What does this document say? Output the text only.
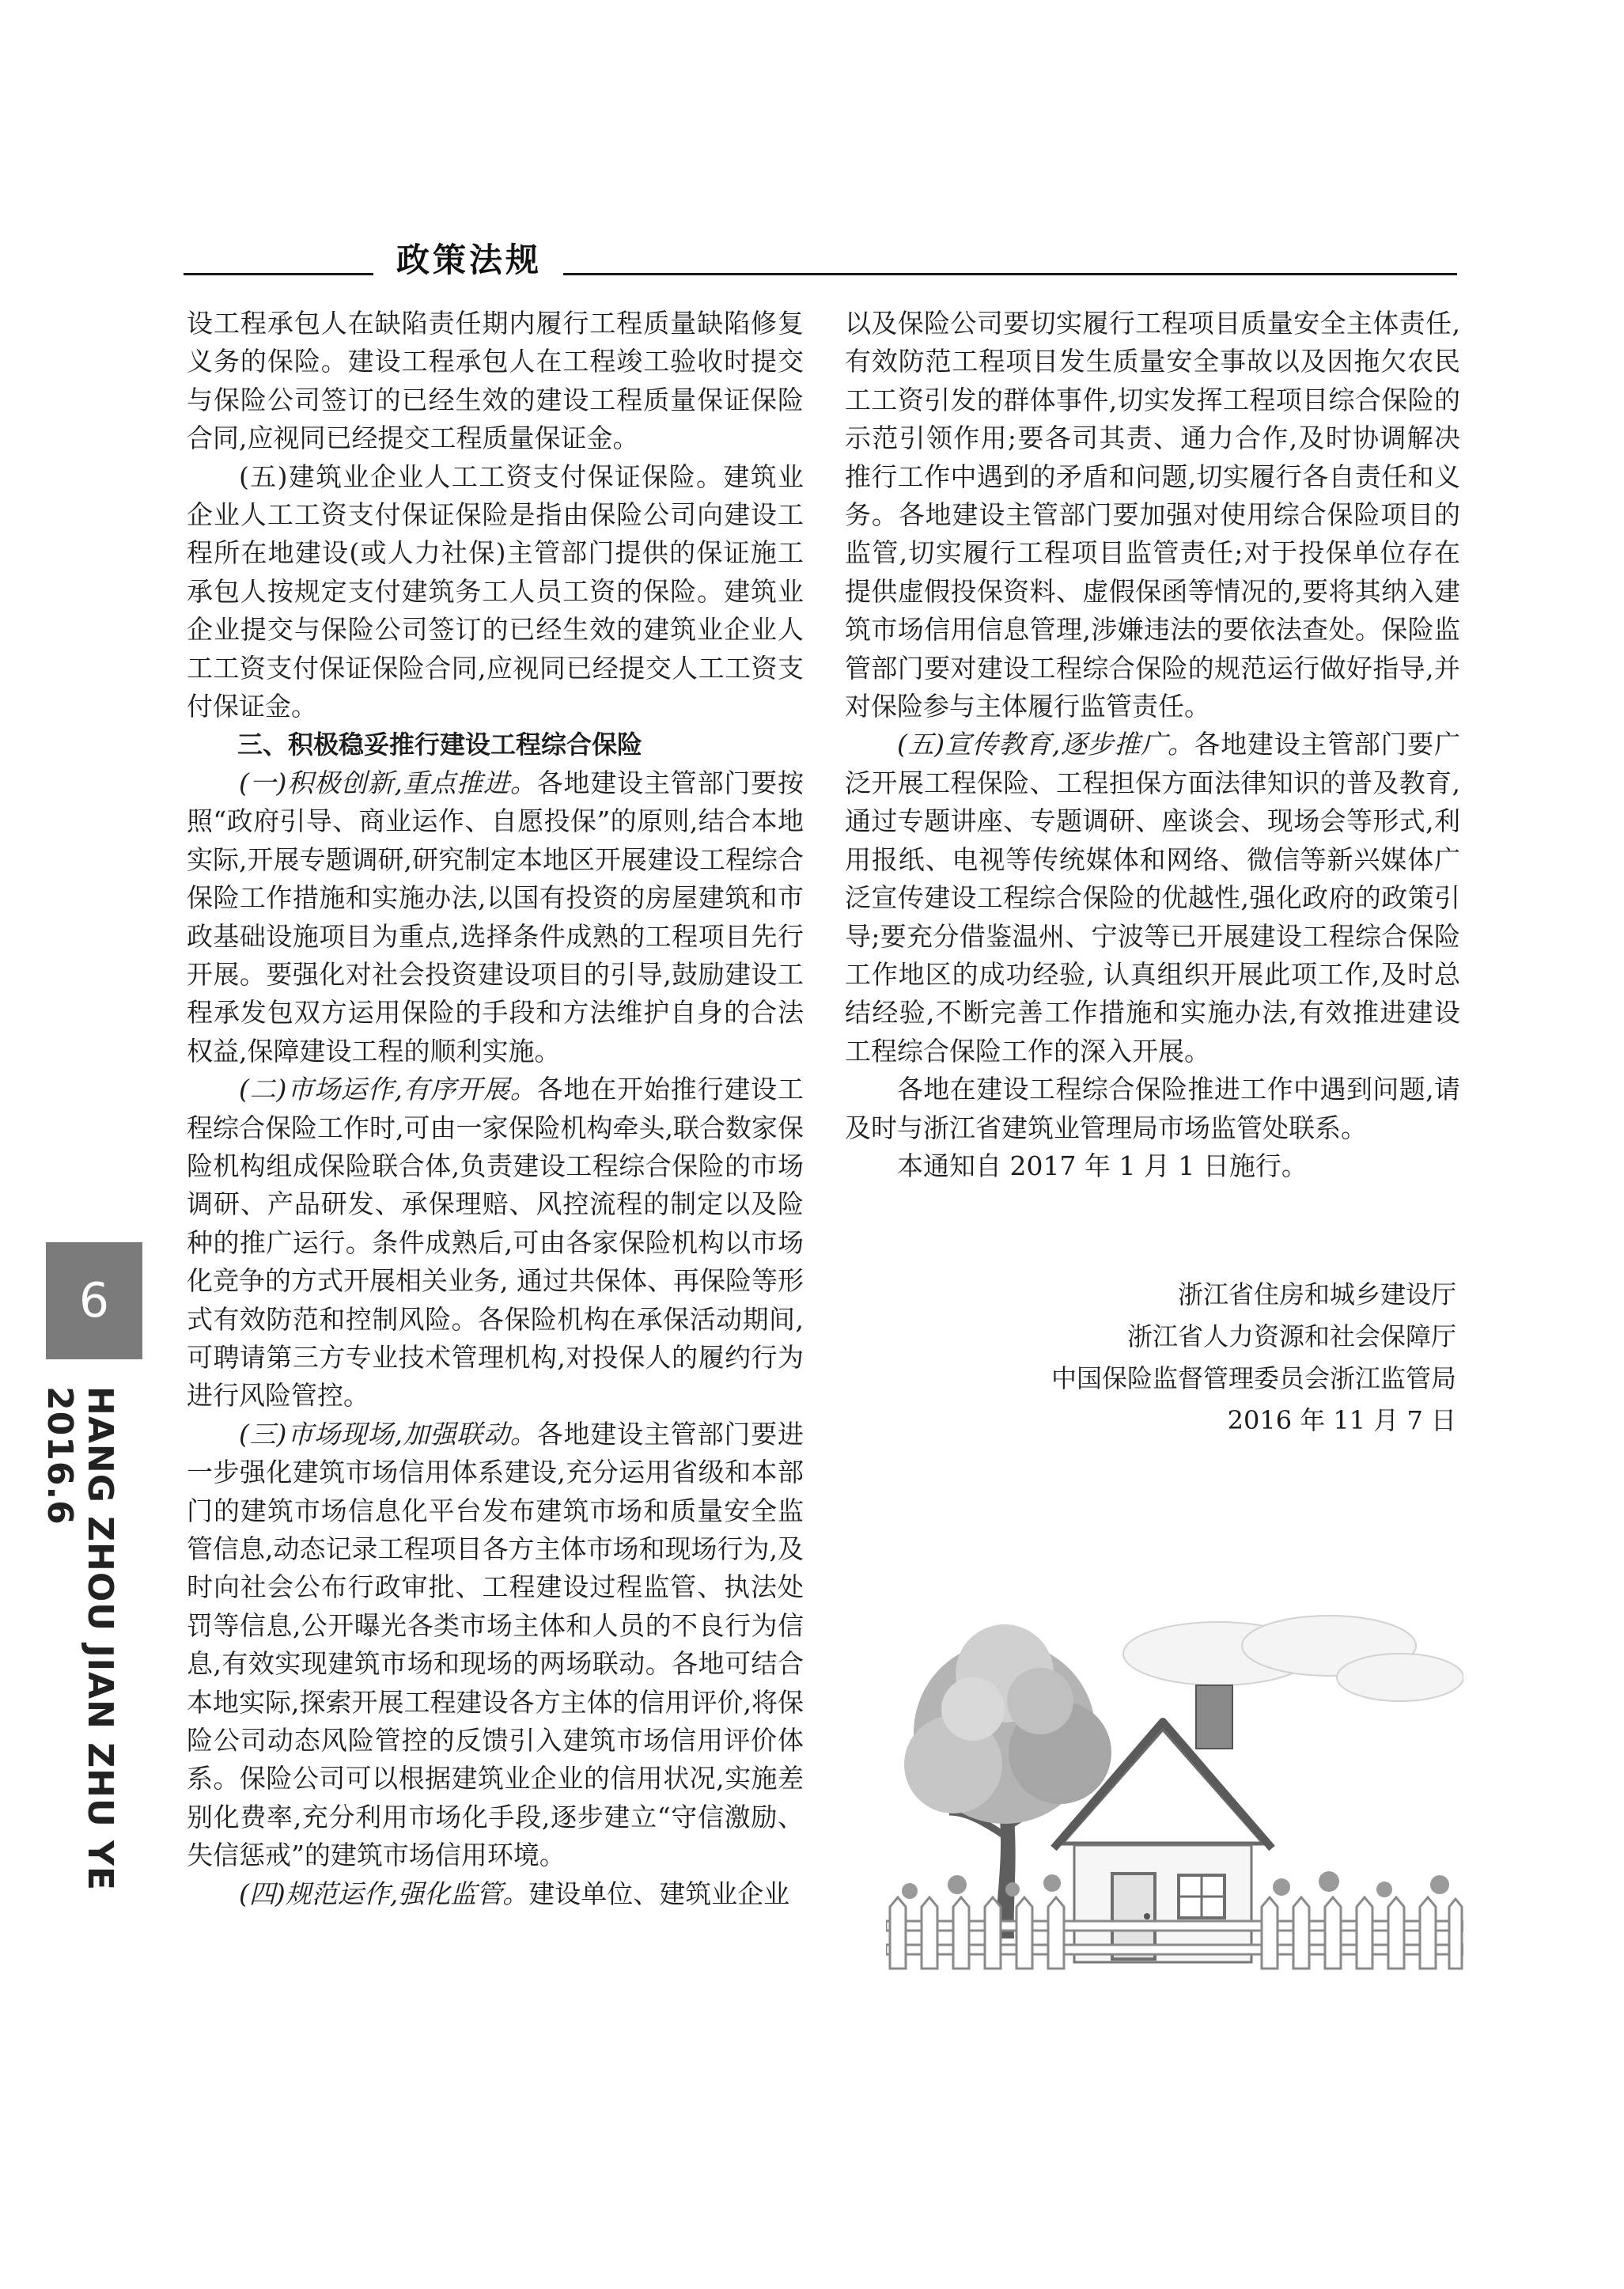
政策法规

设工程承包人在缺陷责任期内履行工程质量缺陷修复义务的保险。建设工程承包人在工程竣工验收时提交与保险公司签订的已经生效的建设工程质量保证保险合同,应视同已经提交工程质量保证金。

(五)建筑业企业人工工资支付保证保险。建筑业企业人工工资支付保证保险是指由保险公司向建设工程所在地建设(或人力社保)主管部门提供的保证施工承包人按规定支付建筑务工人员工资的保险。建筑业企业提交与保险公司签订的已经生效的建筑业企业人工工资支付保证保险合同,应视同已经提交人工工资支付保证金。

三、积极稳妥推行建设工程综合保险

(一)积极创新,重点推进。各地建设主管部门要按照“政府引导、商业运作、自愿投保”的原则,结合本地实际,开展专题调研,研究制定本地区开展建设工程综合保险工作措施和实施办法,以国有投资的房屋建筑和市政基础设施项目为重点,选择条件成熟的工程项目先行开展。要强化对社会投资建设项目的引导,鼓励建设工程承发包双方运用保险的手段和方法维护自身的合法权益,保障建设工程的顺利实施。

(二)市场运作,有序开展。各地在开始推行建设工程综合保险工作时,可由一家保险机构牵头,联合数家保险机构组成保险联合体,负责建设工程综合保险的市场调研、产品研发、承保理赔、风控流程的制定以及险种的推广运行。条件成熟后,可由各家保险机构以市场化竞争的方式开展相关业务, 通过共保体、再保险等形式有效防范和控制风险。各保险机构在承保活动期间,可聘请第三方专业技术管理机构,对投保人的履约行为进行风险管控。

(三)市场现场,加强联动。各地建设主管部门要进一步强化建筑市场信用体系建设,充分运用省级和本部门的建筑市场信息化平台发布建筑市场和质量安全监管信息,动态记录工程项目各方主体市场和现场行为,及时向社会公布行政审批、工程建设过程监管、执法处罚等信息,公开曝光各类市场主体和人员的不良行为信息,有效实现建筑市场和现场的两场联动。各地可结合本地实际,探索开展工程建设各方主体的信用评价,将保险公司动态风险管控的反馈引入建筑市场信用评价体系。保险公司可以根据建筑业企业的信用状况,实施差别化费率,充分利用市场化手段,逐步建立“守信激励、失信惩戒”的建筑市场信用环境。

(四)规范运作,强化监管。建设单位、建筑业企业

以及保险公司要切实履行工程项目质量安全主体责任,有效防范工程项目发生质量安全事故以及因拖欠农民工工资引发的群体事件,切实发挥工程项目综合保险的示范引领作用;要各司其责、通力合作,及时协调解决推行工作中遇到的矛盾和问题,切实履行各自责任和义务。各地建设主管部门要加强对使用综合保险项目的监管,切实履行工程项目监管责任;对于投保单位存在提供虚假投保资料、虚假保函等情况的,要将其纳入建筑市场信用信息管理,涉嫌违法的要依法查处。保险监管部门要对建设工程综合保险的规范运行做好指导,并对保险参与主体履行监管责任。

(五)宣传教育,逐步推广。各地建设主管部门要广泛开展工程保险、工程担保方面法律知识的普及教育,通过专题讲座、专题调研、座谈会、现场会等形式,利用报纸、电视等传统媒体和网络、微信等新兴媒体广泛宣传建设工程综合保险的优越性,强化政府的政策引导;要充分借鉴温州、宁波等已开展建设工程综合保险工作地区的成功经验, 认真组织开展此项工作,及时总结经验,不断完善工作措施和实施办法,有效推进建设工程综合保险工作的深入开展。

各地在建设工程综合保险推进工作中遇到问题,请及时与浙江省建筑业管理局市场监管处联系。

本通知自 2017 年 1 月 1 日施行。

浙江省住房和城乡建设厅
浙江省人力资源和社会保障厅
中国保险监督管理委员会浙江监管局
2016 年 11 月 7 日
6
HANG ZHOU JIAN ZHU YE 2016.6
